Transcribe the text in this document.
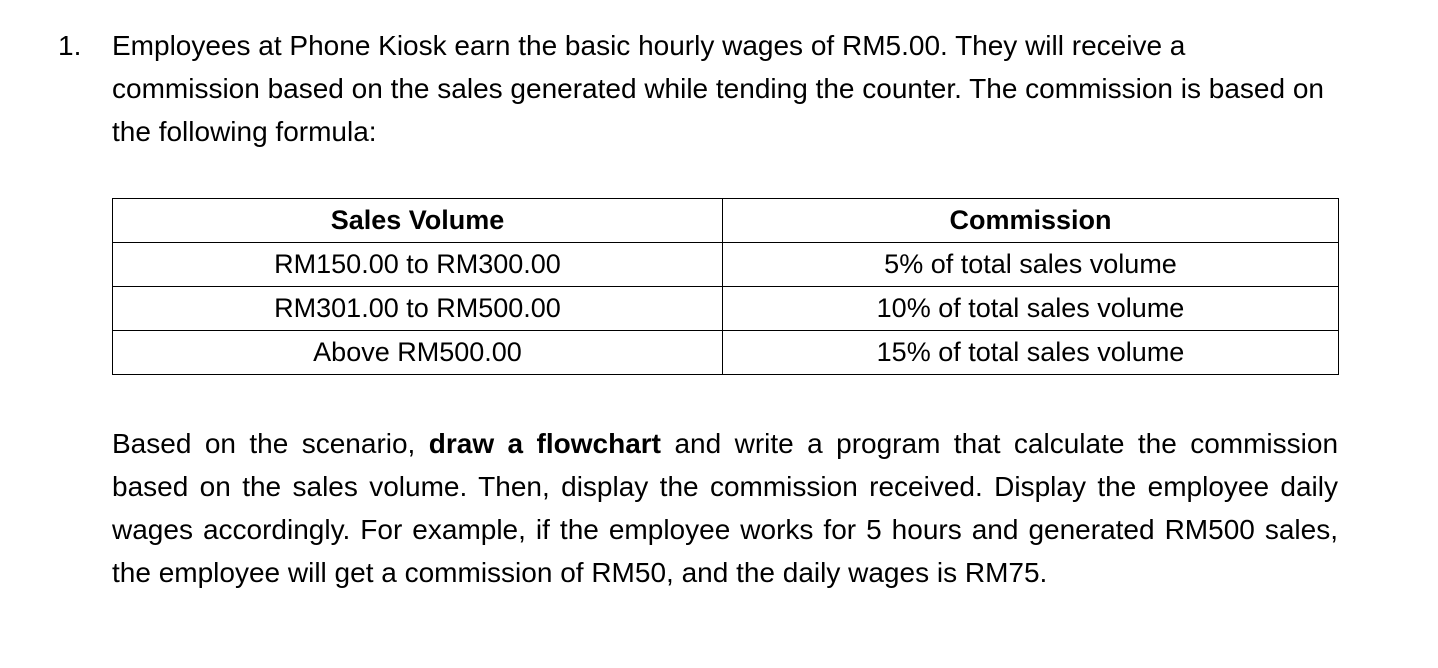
1. Employees at Phone Kiosk earn the basic hourly wages of RM5.00. They will receive a commission based on the sales generated while tending the counter. The commission is based on the following formula:

Sales Volume	Commission
RM150.00 to RM300.00	5% of total sales volume
RM301.00 to RM500.00	10% of total sales volume
Above RM500.00	15% of total sales volume

Based on the scenario, draw a flowchart and write a program that calculate the commission based on the sales volume. Then, display the commission received. Display the employee daily wages accordingly. For example, if the employee works for 5 hours and generated RM500 sales, the employee will get a commission of RM50, and the daily wages is RM75.
